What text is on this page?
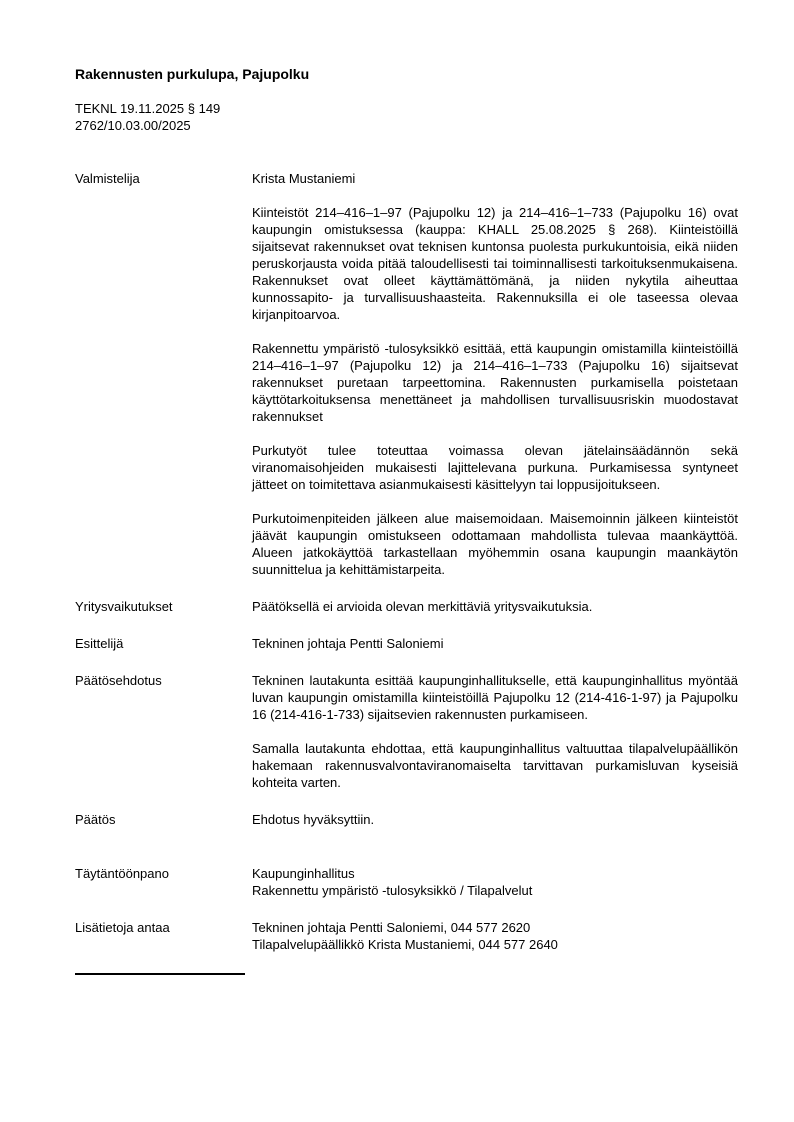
Rakennusten purkulupa, Pajupolku
TEKNL 19.11.2025 § 149
2762/10.03.00/2025
Valmistelija	Krista Mustaniemi

Kiinteistöt 214–416–1–97 (Pajupolku 12) ja 214–416–1–733 (Pajupolku 16) ovat kaupungin omistuksessa (kauppa: KHALL 25.08.2025 § 268). Kiinteistöillä sijaitsevat rakennukset ovat teknisen kuntonsa puolesta purkukuntoisia, eikä niiden peruskorjausta voida pitää taloudellisesti tai toiminnallisesti tarkoituksenmukaisena. Rakennukset ovat olleet käyttämättömänä, ja niiden nykytila aiheuttaa kunnossapito- ja turvallisuushaasteita. Rakennuksilla ei ole taseessa olevaa kirjanpitoarvoa.

Rakennettu ympäristö -tulosyksikkö esittää, että kaupungin omistamilla kiinteistöillä 214–416–1–97 (Pajupolku 12) ja 214–416–1–733 (Pajupolku 16) sijaitsevat rakennukset puretaan tarpeettomina. Rakennusten purkamisella poistetaan käyttötarkoituksensa menettäneet ja mahdollisen turvallisuusriskin muodostavat rakennukset

Purkutyöt tulee toteuttaa voimassa olevan jätelainsäädännön sekä viranomaisohjeiden mukaisesti lajittelevana purkuna. Purkamisessa syntyneet jätteet on toimitettava asianmukaisesti käsittelyyn tai loppusijoitukseen.

Purkutoimenpiteiden jälkeen alue maisemoidaan. Maisemoinnin jälkeen kiinteistöt jäävät kaupungin omistukseen odottamaan mahdollista tulevaa maankäyttöä. Alueen jatkokäyttöä tarkastellaan myöhemmin osana kaupungin maankäytön suunnittelua ja kehittämistarpeita.

Yritysvaikutukset	Päätöksellä ei arvioida olevan merkittäviä yritysvaikutuksia.

Esittelijä	Tekninen johtaja Pentti Saloniemi

Päätösehdotus	Tekninen lautakunta esittää kaupunginhallitukselle, että kaupunginhallitus myöntää luvan kaupungin omistamilla kiinteistöillä Pajupolku 12 (214-416-1-97) ja Pajupolku 16 (214-416-1-733) sijaitsevien rakennusten purkamiseen.

Samalla lautakunta ehdottaa, että kaupunginhallitus valtuuttaa tilapalvelupäällikön hakemaan rakennusvalvontaviranomaiselta tarvittavan purkamisluvan kyseisiä kohteita varten.

Päätös	Ehdotus hyväksyttiin.

Täytäntöönpano	Kaupunginhallitus
Rakennettu ympäristö -tulosyksikkö / Tilapalvelut
Lisätietoja antaa	Tekninen johtaja Pentti Saloniemi, 044 577 2620
Tilapalvelupäällikkö Krista Mustaniemi, 044 577 2640
